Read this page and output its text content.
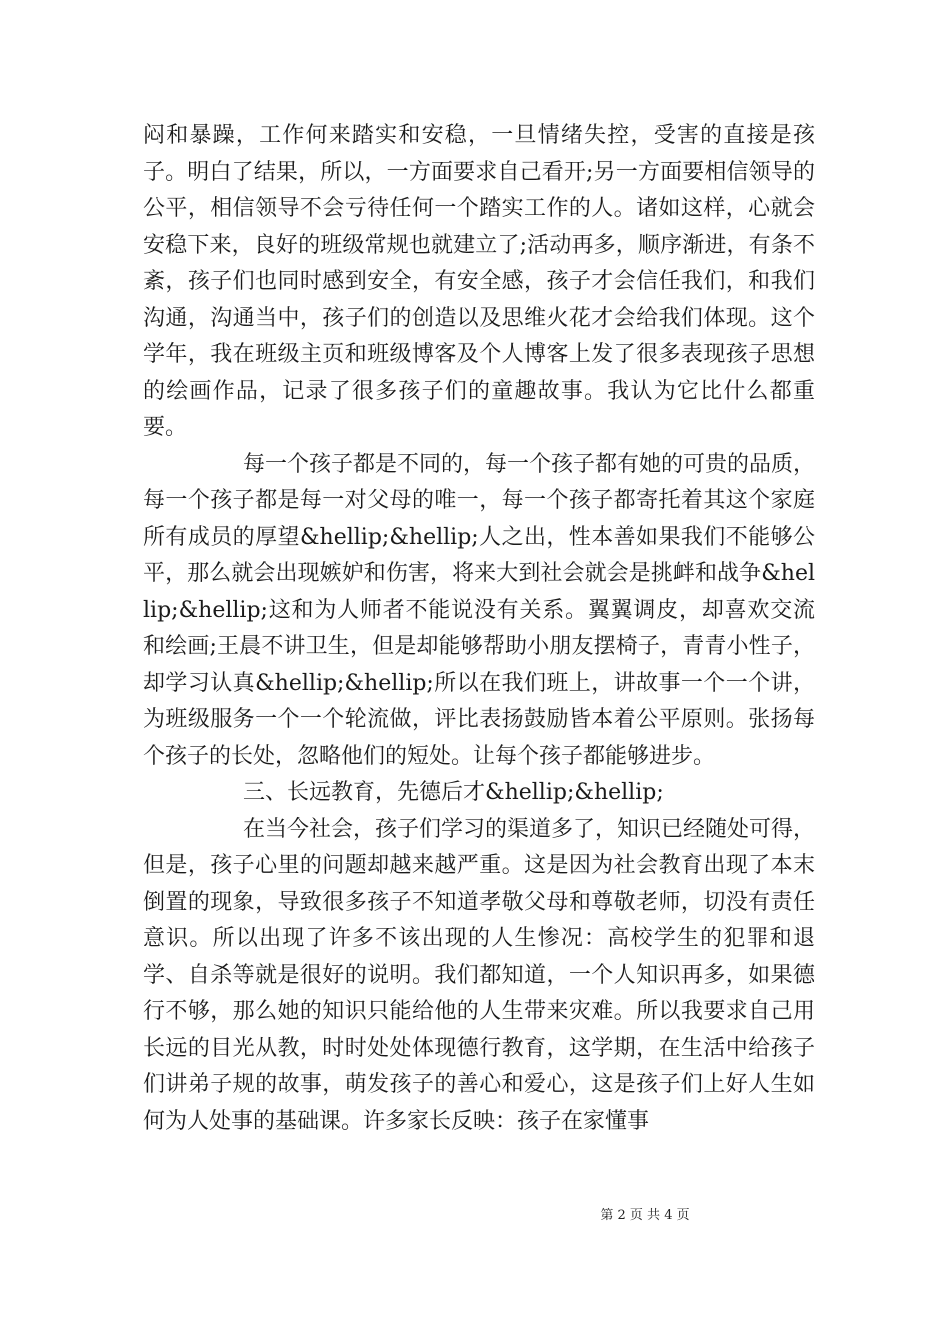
闷和暴躁，工作何来踏实和安稳，一旦情绪失控，受害的直接是孩子。明白了结果，所以，一方面要求自己看开;另一方面要相信领导的公平，相信领导不会亏待任何一个踏实工作的人。诸如这样，心就会安稳下来，良好的班级常规也就建立了;活动再多，顺序渐进，有条不紊，孩子们也同时感到安全，有安全感，孩子才会信任我们，和我们沟通，沟通当中，孩子们的创造以及思维火花才会给我们体现。这个学年，我在班级主页和班级博客及个人博客上发了很多表现孩子思想的绘画作品，记录了很多孩子们的童趣故事。我认为它比什么都重要。

每一个孩子都是不同的，每一个孩子都有她的可贵的品质，每一个孩子都是每一对父母的唯一，每一个孩子都寄托着其这个家庭所有成员的厚望&hellip;&hellip;人之出，性本善如果我们不能够公平，那么就会出现嫉妒和伤害，将来大到社会就会是挑衅和战争&hellip;&hellip;这和为人师者不能说没有关系。翼翼调皮，却喜欢交流和绘画;王晨不讲卫生，但是却能够帮助小朋友摆椅子，青青小性子，却学习认真&hellip;&hellip;所以在我们班上，讲故事一个一个讲，为班级服务一个一个轮流做，评比表扬鼓励皆本着公平原则。张扬每个孩子的长处，忽略他们的短处。让每个孩子都能够进步。

三、长远教育，先德后才&hellip;&hellip;

在当今社会，孩子们学习的渠道多了，知识已经随处可得，但是，孩子心里的问题却越来越严重。这是因为社会教育出现了本末倒置的现象，导致很多孩子不知道孝敬父母和尊敬老师，切没有责任意识。所以出现了许多不该出现的人生惨况：高校学生的犯罪和退学、自杀等就是很好的说明。我们都知道，一个人知识再多，如果德行不够，那么她的知识只能给他的人生带来灾难。所以我要求自己用长远的目光从教，时时处处体现德行教育，这学期，在生活中给孩子们讲弟子规的故事，萌发孩子的善心和爱心，这是孩子们上好人生如何为人处事的基础课。许多家长反映：孩子在家懂事

第 2 页 共 4 页
